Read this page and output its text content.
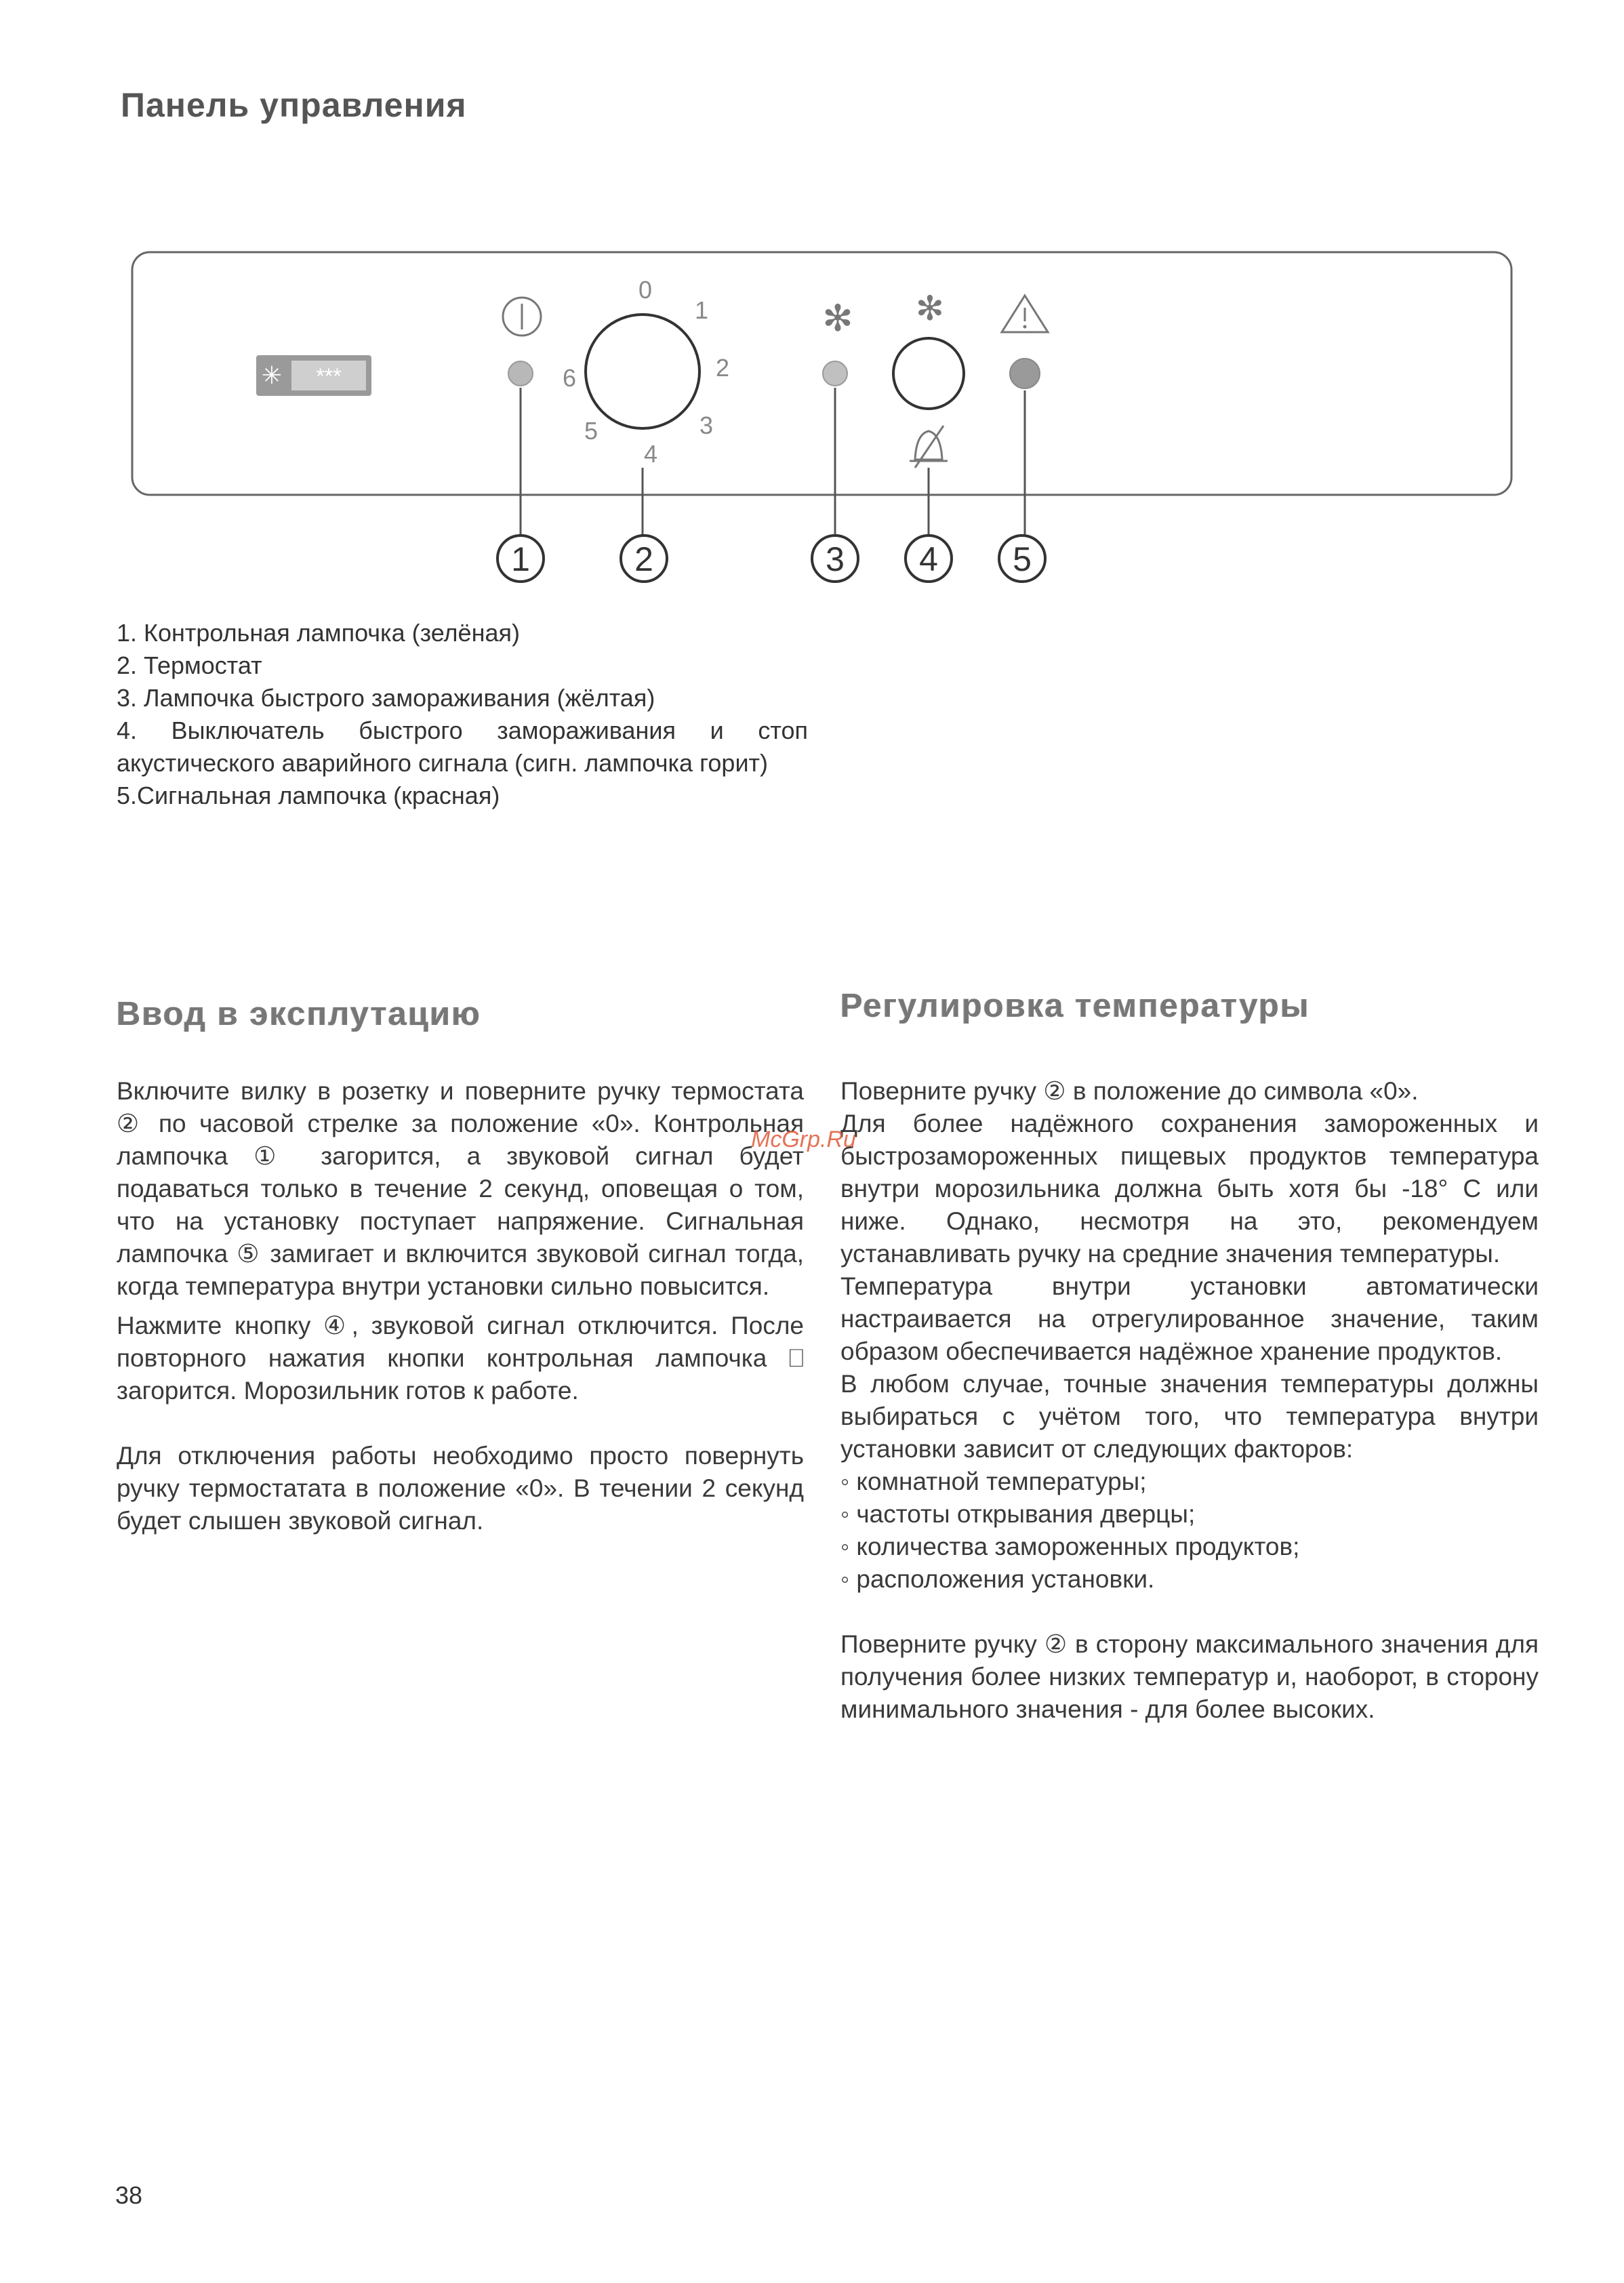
Панель управления
✳ ***
0
1
2
3
4
5
6
✻ ✻
1	2	3 4 5
1. Контрольная лампочка (зелёная)
2. Термостат
3. Лампочка быстрого замораживания (жёлтая)
4. Выключатель быстрого замораживания и стоп акустического аварийного сигнала (сигн. лампочка горит)
5.Сигнальная лампочка (красная)
Ввод в эксплутацию

Включите вилку в розетку и поверните ручку термостата ② по часовой стрелке за положение «0». Контрольная лампочка ① загорится, а звуковой сигнал будет подаваться только в течение 2 секунд, оповещая о том, что на установку поступает напряжение. Сигнальная лампочка ⑤ замигает и включится звуковой сигнал тогда, когда температура внутри установки сильно повысится.

Нажмите кнопку ④, звуковой сигнал отключится. После повторного нажатия кнопки контрольная лампочка ⎕ загорится. Морозильник готов к работе.

Для отключения работы необходимо просто повернуть ручку термостатата в положение «0». В течении 2 секунд будет слышен звуковой сигнал.

Регулировка температуры

Поверните ручку ② в положение до символа «0».

Для более надёжного сохранения замороженных и быстрозамороженных пищевых продуктов температура внутри морозильника должна быть хотя бы -18° С или ниже. Однако, несмотря на это, рекомендуем устанавливать ручку на средние значения температуры.

Температура внутри установки автоматически настраивается на отрегулированное значение, таким образом обеспечивается надёжное хранение продуктов.

В любом случае, точные значения температуры должны выбираться с учётом того, что температура внутри установки зависит от следующих факторов:

◦ комнатной температуры;
◦ частоты открывания дверцы;
◦ количества замороженных продуктов;
◦ расположения установки.

Поверните ручку ② в сторону максимального значения для получения более низких температур и, наоборот, в сторону минимального значения - для более высоких.

McGrp.Ru
38
